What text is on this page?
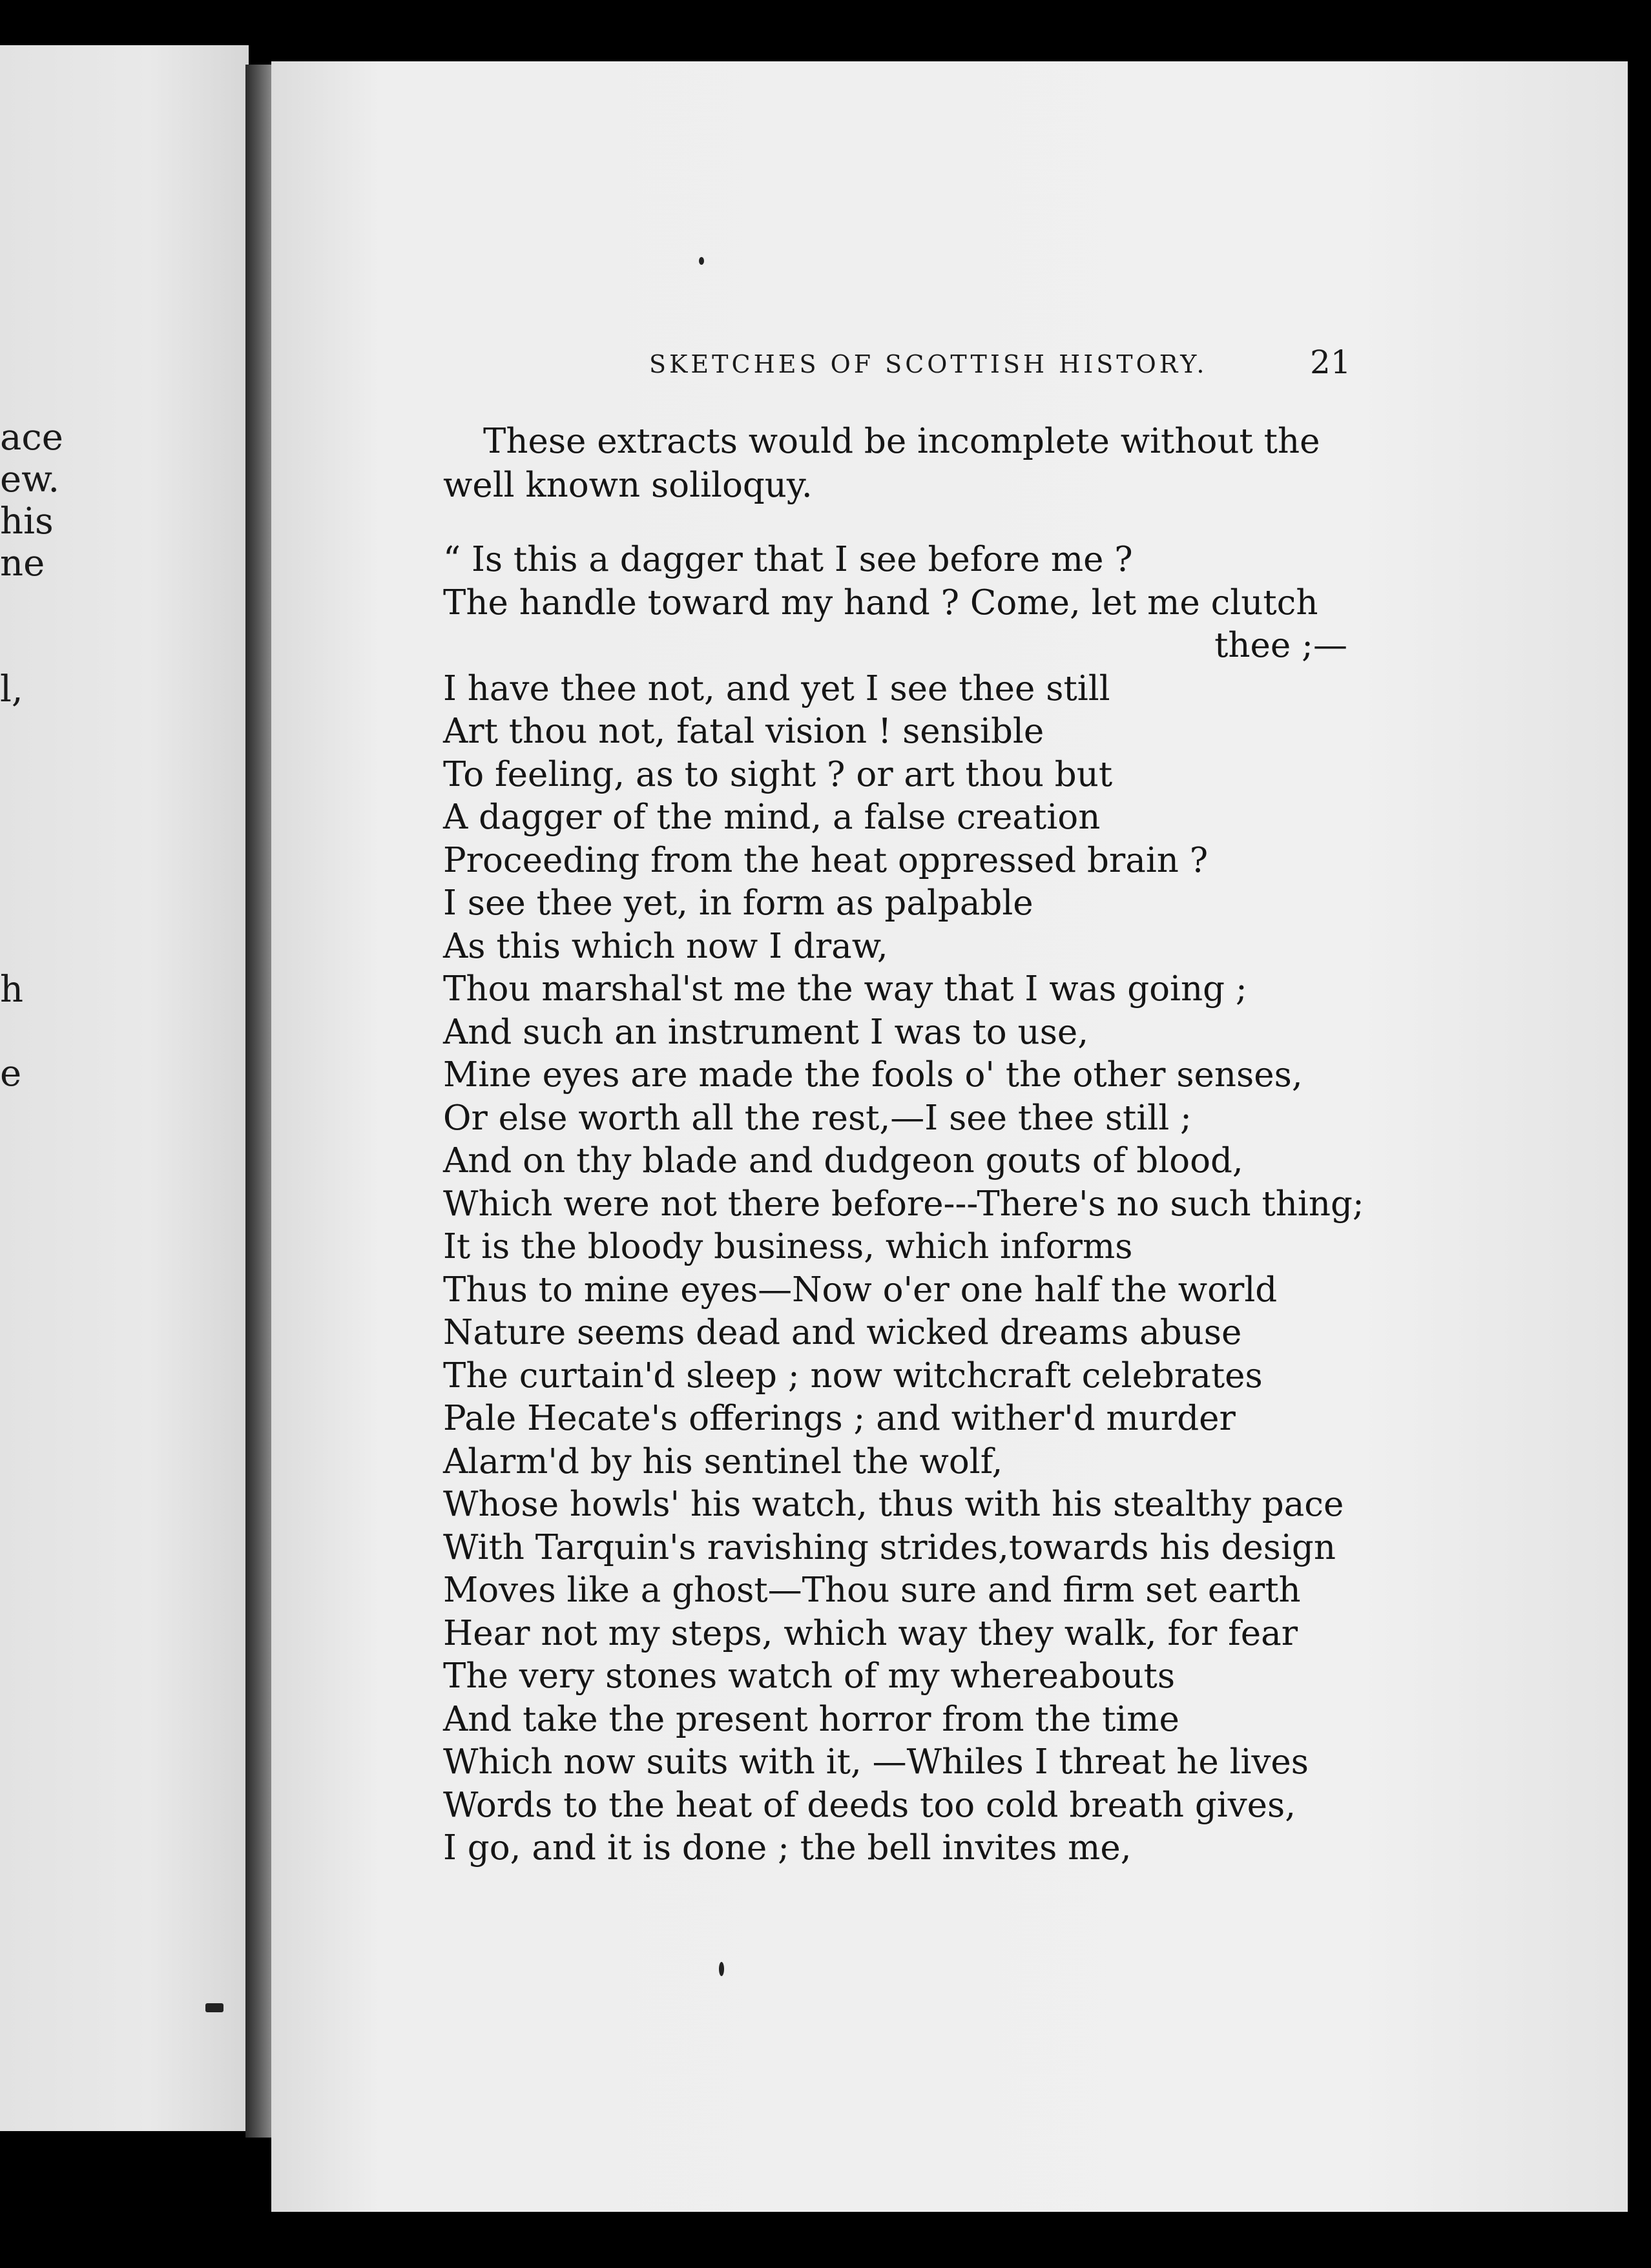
ace
ew.
his
ne
l,
h
e
SKETCHES OF SCOTTISH HISTORY.	21
These extracts would be incomplete without the
well known soliloquy.
“ Is this a dagger that I see before me ?
The handle toward my hand ? Come, let me clutch
thee ;—
I have thee not, and yet I see thee still
Art thou not, fatal vision ! sensible
To feeling, as to sight ? or art thou but
A dagger of the mind, a false creation
Proceeding from the heat oppressed brain ?
I see thee yet, in form as palpable
As this which now I draw,
Thou marshal'st me the way that I was going ;
And such an instrument I was to use,
Mine eyes are made the fools o' the other senses,
Or else worth all the rest,—I see thee still ;
And on thy blade and dudgeon gouts of blood,
Which were not there before---There's no such thing;
It is the bloody business, which informs
Thus to mine eyes—Now o'er one half the world
Nature seems dead and wicked dreams abuse
The curtain'd sleep ; now witchcraft celebrates
Pale Hecate's offerings ; and wither'd murder
Alarm'd by his sentinel the wolf,
Whose howls' his watch, thus with his stealthy pace
With Tarquin's ravishing strides,towards his design
Moves like a ghost—Thou sure and firm set earth
Hear not my steps, which way they walk, for fear
The very stones watch of my whereabouts
And take the present horror from the time
Which now suits with it, —Whiles I threat he lives
Words to the heat of deeds too cold breath gives,
I go, and it is done ; the bell invites me,
